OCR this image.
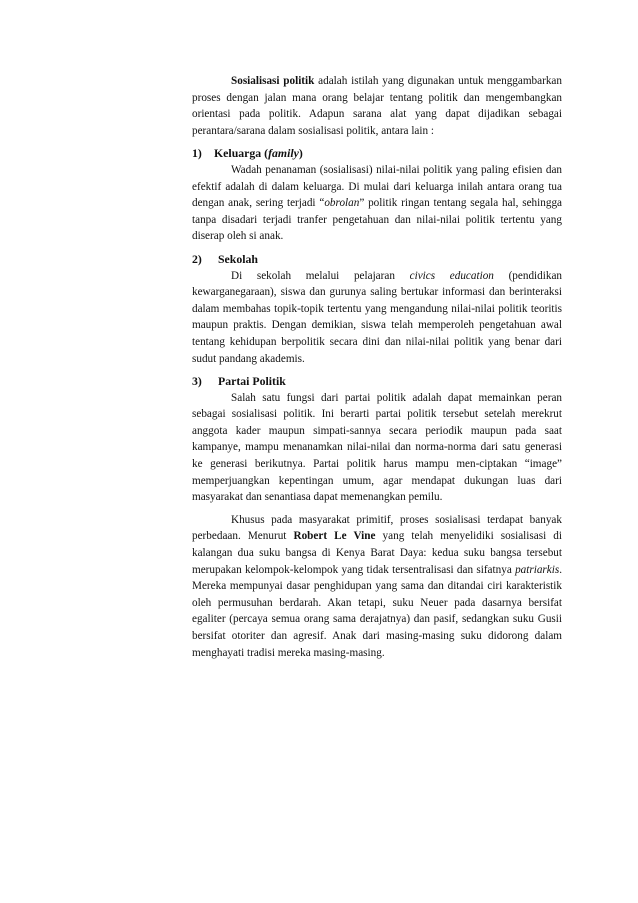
Sosialisasi politik adalah istilah yang digunakan untuk menggambarkan proses dengan jalan mana orang belajar tentang politik dan mengembangkan orientasi pada politik. Adapun sarana alat yang dapat dijadikan sebagai perantara/sarana dalam sosialisasi politik, antara lain :

1) Keluarga (family)

Wadah penanaman (sosialisasi) nilai-nilai politik yang paling efisien dan efektif adalah di dalam keluarga. Di mulai dari keluarga inilah antara orang tua dengan anak, sering terjadi “obrolan” politik ringan tentang segala hal, sehingga tanpa disadari terjadi tranfer pengetahuan dan nilai-nilai politik tertentu yang diserap oleh si anak.

2) Sekolah

Di sekolah melalui pelajaran civics education (pendidikan kewarganegaraan), siswa dan gurunya saling bertukar informasi dan berinteraksi dalam membahas topik-topik tertentu yang mengandung nilai-nilai politik teoritis maupun praktis. Dengan demikian, siswa telah memperoleh pengetahuan awal tentang kehidupan berpolitik secara dini dan nilai-nilai politik yang benar dari sudut pandang akademis.

3) Partai Politik

Salah satu fungsi dari partai politik adalah dapat memainkan peran sebagai sosialisasi politik. Ini berarti partai politik tersebut setelah merekrut anggota kader maupun simpati-sannya secara periodik maupun pada saat kampanye, mampu menanamkan nilai-nilai dan norma-norma dari satu generasi ke generasi berikutnya. Partai politik harus mampu men-ciptakan “image” memperjuangkan kepentingan umum, agar mendapat dukungan luas dari masyarakat dan senantiasa dapat memenangkan pemilu.

Khusus pada masyarakat primitif, proses sosialisasi terdapat banyak perbedaan. Menurut Robert Le Vine yang telah menyelidiki sosialisasi di kalangan dua suku bangsa di Kenya Barat Daya: kedua suku bangsa tersebut merupakan kelompok-kelompok yang tidak tersentralisasi dan sifatnya patriarkis. Mereka mempunyai dasar penghidupan yang sama dan ditandai ciri karakteristik oleh permusuhan berdarah. Akan tetapi, suku Neuer pada dasarnya bersifat egaliter (percaya semua orang sama derajatnya) dan pasif, sedangkan suku Gusii bersifat otoriter dan agresif. Anak dari masing-masing suku didorong dalam menghayati tradisi mereka masing-masing.
